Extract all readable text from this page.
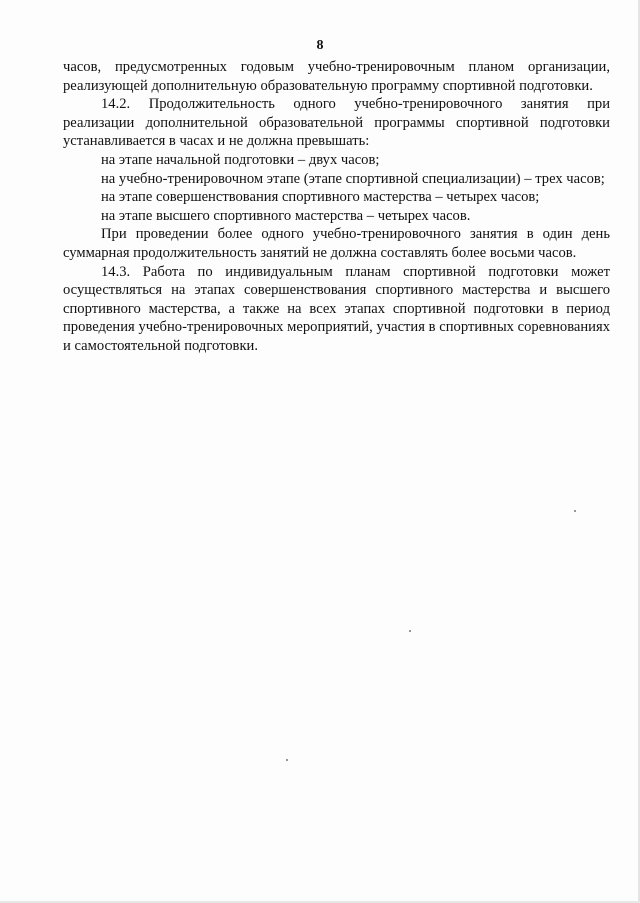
8

часов, предусмотренных годовым учебно-тренировочным планом организации, реализующей дополнительную образовательную программу спортивной подготовки.

14.2. Продолжительность одного учебно-тренировочного занятия при реализации дополнительной образовательной программы спортивной подготовки устанавливается в часах и не должна превышать:

на этапе начальной подготовки – двух часов;

на учебно-тренировочном этапе (этапе спортивной специализации) – трех часов;

на этапе совершенствования спортивного мастерства – четырех часов;

на этапе высшего спортивного мастерства – четырех часов.

При проведении более одного учебно-тренировочного занятия в один день суммарная продолжительность занятий не должна составлять более восьми часов.

14.3. Работа по индивидуальным планам спортивной подготовки может осуществляться на этапах совершенствования спортивного мастерства и высшего спортивного мастерства, а также на всех этапах спортивной подготовки в период проведения учебно-тренировочных мероприятий, участия в спортивных соревнованиях и самостоятельной подготовки.
